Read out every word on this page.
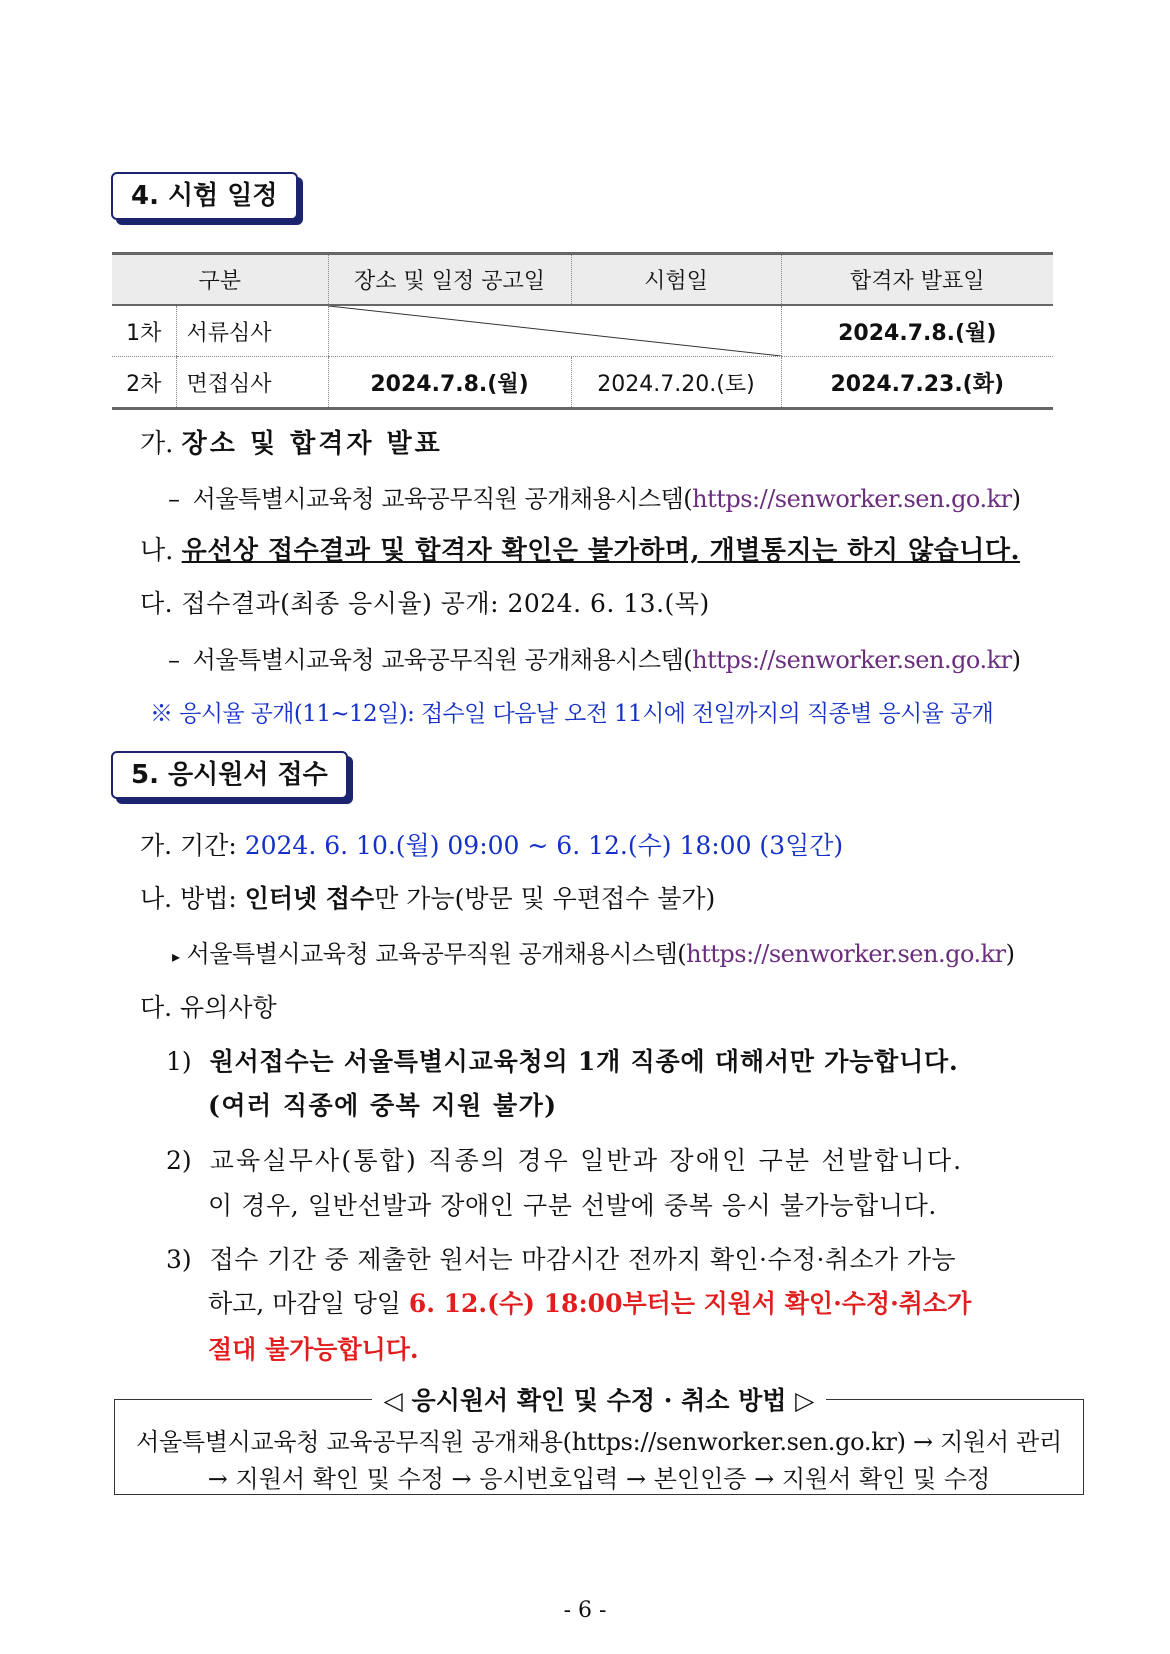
4. 시험 일정
구분		장소 및 일정 공고일	시험일	합격자 발표일
1차	서류심사			2024.7.8.(월)
2차	면접심사	2024.7.8.(월)	2024.7.20.(토)	2024.7.23.(화)
가. 장소 및 합격자 발표
– 서울특별시교육청 교육공무직원 공개채용시스템(https://senworker.sen.go.kr)
나. 유선상 접수결과 및 합격자 확인은 불가하며, 개별통지는 하지 않습니다.
다. 접수결과(최종 응시율) 공개: 2024. 6. 13.(목)
– 서울특별시교육청 교육공무직원 공개채용시스템(https://senworker.sen.go.kr)
※ 응시율 공개(11~12일): 접수일 다음날 오전 11시에 전일까지의 직종별 응시율 공개
5. 응시원서 접수
가. 기간: 2024. 6. 10.(월) 09:00 ~ 6. 12.(수) 18:00 (3일간)
나. 방법: 인터넷 접수만 가능(방문 및 우편접수 불가)
▸ 서울특별시교육청 교육공무직원 공개채용시스템(https://senworker.sen.go.kr)
다. 유의사항
1) 원서접수는 서울특별시교육청의 1개 직종에 대해서만 가능합니다.
(여러 직종에 중복 지원 불가)
2) 교육실무사(통합) 직종의 경우 일반과 장애인 구분 선발합니다.
이 경우, 일반선발과 장애인 구분 선발에 중복 응시 불가능합니다.
3) 접수 기간 중 제출한 원서는 마감시간 전까지 확인·수정·취소가 가능
하고, 마감일 당일 6. 12.(수) 18:00부터는 지원서 확인·수정·취소가
절대 불가능합니다.
◁ 응시원서 확인 및 수정 · 취소 방법 ▷
서울특별시교육청 교육공무직원 공개채용(https://senworker.sen.go.kr) → 지원서 관리
→ 지원서 확인 및 수정 → 응시번호입력 → 본인인증 → 지원서 확인 및 수정
- 6 -
